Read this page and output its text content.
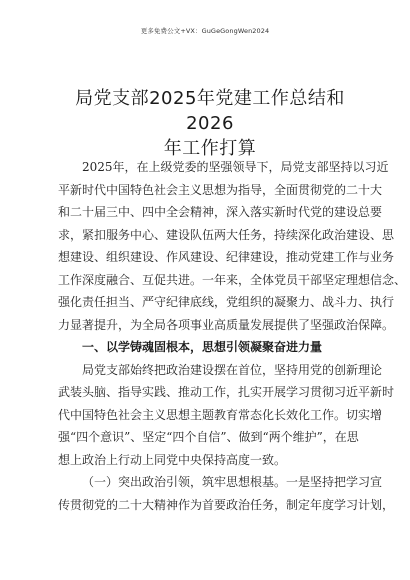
更多免费公文+VX：GuGeGongWen2024
局党支部2025年党建工作总结和2026
年工作打算
2025年，在上级党委的坚强领导下，局党支部坚持以习近
平新时代中国特色社会主义思想为指导，全面贯彻党的二十大
和二十届三中、四中全会精神，深入落实新时代党的建设总要
求，紧扣服务中心、建设队伍两大任务，持续深化政治建设、思
想建设、组织建设、作风建设、纪律建设，推动党建工作与业务
工作深度融合、互促共进。一年来，全体党员干部坚定理想信念、
强化责任担当、严守纪律底线，党组织的凝聚力、战斗力、执行
力显著提升，为全局各项事业高质量发展提供了坚强政治保障。
一、以学铸魂固根本，思想引领凝聚奋进力量
局党支部始终把政治建设摆在首位，坚持用党的创新理论
武装头脑、指导实践、推动工作，扎实开展学习贯彻习近平新时
代中国特色社会主义思想主题教育常态化长效化工作。切实增
强“四个意识”、坚定“四个自信”、做到“两个维护”，在思
想上政治上行动上同党中央保持高度一致。
（一）突出政治引领，筑牢思想根基。一是坚持把学习宣
传贯彻党的二十大精神作为首要政治任务，制定年度学习计划，
